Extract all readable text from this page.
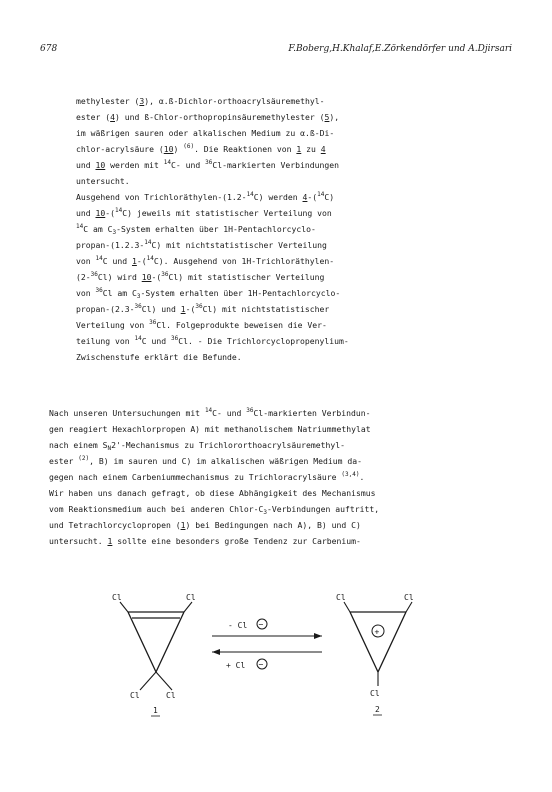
678	F.Boberg,H.Khalaf,E.Zörkendörfer und A.Djirsari
methylester (3), α.ß-Dichlor-orthoacrylsäuremethyl-
ester (4) und ß-Chlor-orthopropinsäuremethylester (5),
im wäßrigen sauren oder alkalischen Medium zu α.ß-Di-
chlor-acrylsäure (10) $^{(6)}$. Die Reaktionen von 1 zu 4
und 10 werden mit $^{14}$C- und $^{36}$Cl-markierten Verbindungen
untersucht.
Ausgehend von Trichloräthylen-(1.2-$^{14}$C) werden 4-($^{14}$C)
und 10-($^{14}$C) jeweils mit statistischer Verteilung von
$^{14}$C am $C_3$-System erhalten über 1H-Pentachlorcyclo-
propan-(1.2.3-$^{14}$C) mit nichtstatistischer Verteilung
von $^{14}$C und 1-($^{14}$C). Ausgehend von 1H-Trichloräthylen-
(2-$^{36}$Cl) wird 10-($^{36}$Cl) mit statistischer Verteilung
von $^{36}$Cl am $C_3$-System erhalten über 1H-Pentachlorcyclo-
propan-(2.3-$^{36}$Cl) und 1-($^{36}$Cl) mit nichtstatistischer
Verteilung von $^{36}$Cl. Folgeprodukte beweisen die Ver-
teilung von $^{14}$C und $^{36}$Cl. - Die Trichlorcyclopropenylium-
Zwischenstufe erklärt die Befunde.
Nach unseren Untersuchungen mit $^{14}$C- und $^{36}$Cl-markierten Verbindun-
gen reagiert Hexachlorpropen A) mit methanolischem Natriummethylat
nach einem $S_N2'$-Mechanismus zu Trichlororthoacrylsäuremethyl-
ester $^{(2)}$, B) im sauren und C) im alkalischen wäßrigen Medium da-
gegen nach einem Carbeniummechanismus zu Trichloracrylsäure $^{(3,4)}$.
Wir haben uns danach gefragt, ob diese Abhängigkeit des Mechanismus
vom Reaktionsmedium auch bei anderen Chlor-$C_3$-Verbindungen auftritt,
und Tetrachlorcyclopropen (1) bei Bedingungen nach A), B) und C)
untersucht. 1 sollte eine besonders große Tendenz zur Carbenium-
Cl	Cl
Cl	Cl
1
- Cl −
+ Cl −
+
Cl	Cl
Cl
2
